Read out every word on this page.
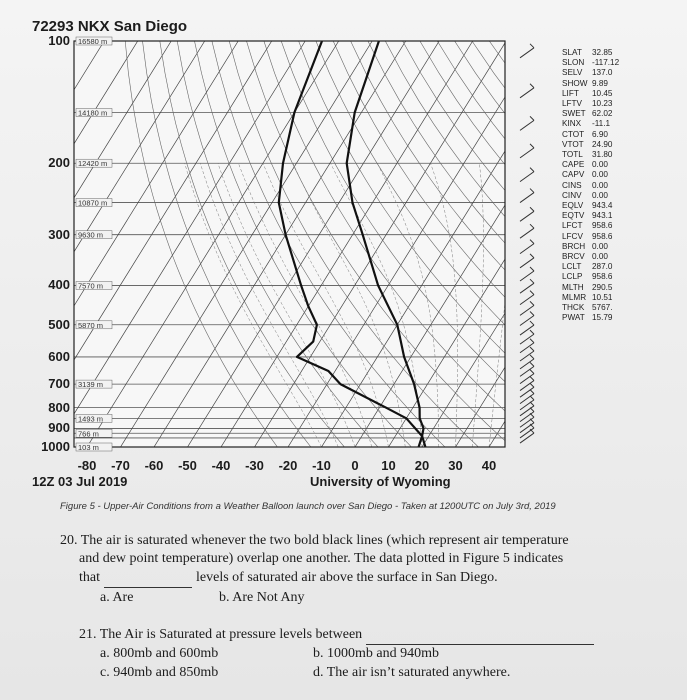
72293 NKX San Diego
16580 m
14180 m
12420 m
10870 m
9630 m
7570 m
5870 m
3139 m
1493 m
766 m
103 m
100
200
300
400
500
600
700
800
900
1000
-80	-70	-60	-50	-40	-30	-20	-10	0	10	20	30	40
12Z 03 Jul 2019	University of Wyoming
SLAT 32.85
SLON -117.12
SELV 137.0
SHOW 9.89
LIFT 10.45
LFTV 10.23
SWET 62.02
KINX -11.1
CTOT 6.90
VTOT 24.90
TOTL 31.80
CAPE 0.00
CAPV 0.00
CINS 0.00
CINV 0.00
EQLV 943.4
EQTV 943.1
LFCT 958.6
LFCV 958.6
BRCH 0.00
BRCV 0.00
LCLT 287.0
LCLP 958.6
MLTH 290.5
MLMR 10.51
THCK 5767.
PWAT 15.79
Figure 5 - Upper-Air Conditions from a Weather Balloon launch over San Diego - Taken at 1200UTC on July 3rd, 2019
20. The air is saturated whenever the two bold black lines (which represent air temperature
and dew point temperature) overlap one another. The data plotted in Figure 5 indicates
that	levels of saturated air above the surface in San Diego.
a. Are	b. Are Not Any
21. The Air is Saturated at pressure levels between
a. 800mb and 600mb	b. 1000mb and 940mb
c. 940mb and 850mb	d. The air isn’t saturated anywhere.
